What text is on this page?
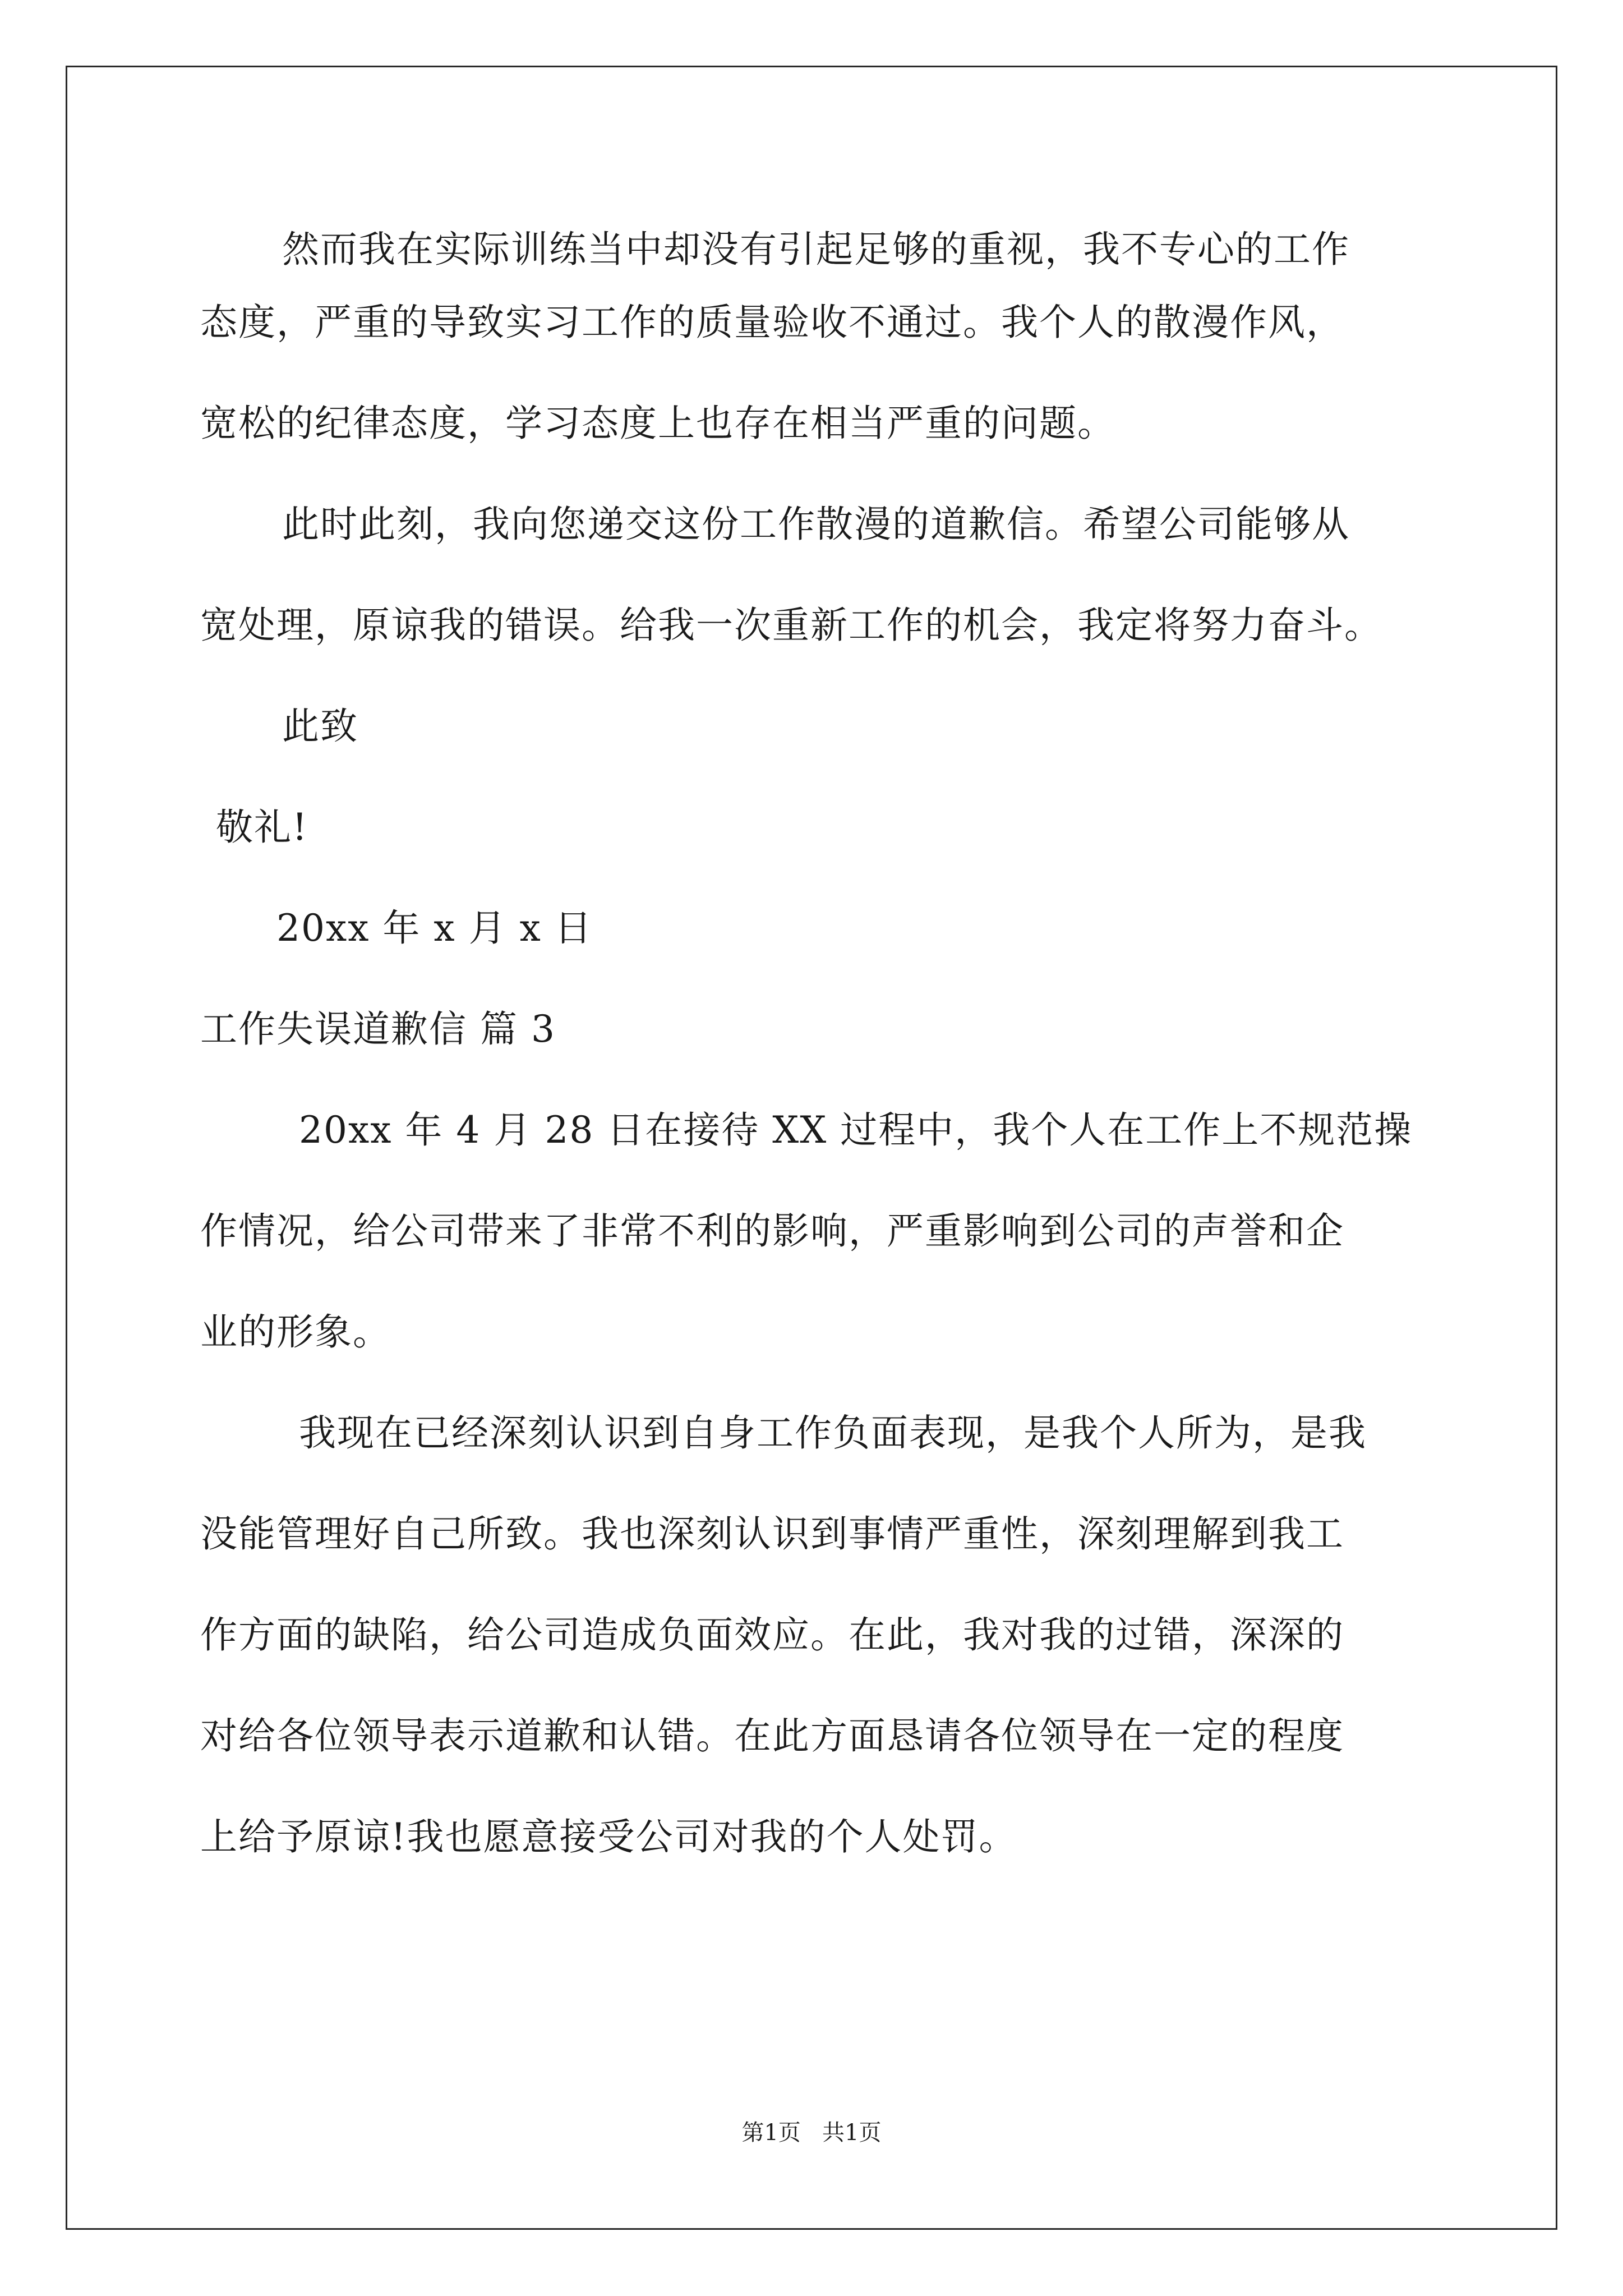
然而我在实际训练当中却没有引起足够的重视，我不专心的工作
态度，严重的导致实习工作的质量验收不通过。我个人的散漫作风，
宽松的纪律态度，学习态度上也存在相当严重的问题。
此时此刻，我向您递交这份工作散漫的道歉信。希望公司能够从
宽处理，原谅我的错误。给我一次重新工作的机会，我定将努力奋斗。
此致
敬礼!
20xx 年 x 月 x 日
工作失误道歉信 篇 3
20xx 年 4 月 28 日在接待 XX 过程中，我个人在工作上不规范操
作情况，给公司带来了非常不利的影响，严重影响到公司的声誉和企
业的形象。
我现在已经深刻认识到自身工作负面表现，是我个人所为，是我
没能管理好自己所致。我也深刻认识到事情严重性，深刻理解到我工
作方面的缺陷，给公司造成负面效应。在此，我对我的过错，深深的
对给各位领导表示道歉和认错。在此方面恳请各位领导在一定的程度
上给予原谅!我也愿意接受公司对我的个人处罚。
第1页   共1页
